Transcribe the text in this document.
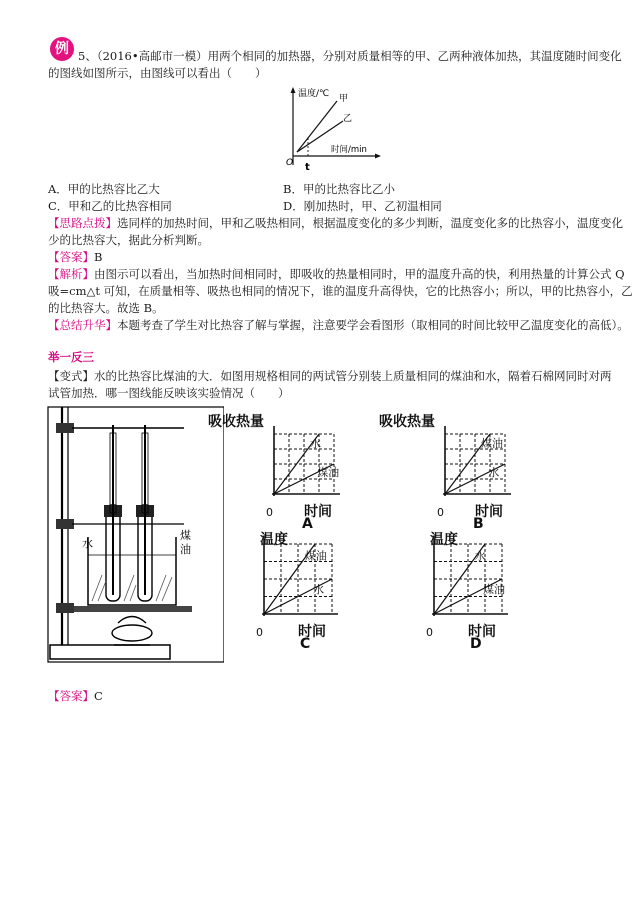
例 5、（2016•高邮市一模）用两个相同的加热器，分别对质量相等的甲、乙两种液体加热，其温度随时间变化
的图线如图所示，由图线可以看出（　　）
温度/℃ 甲
乙
时间/min
O t
A．甲的比热容比乙大	B．甲的比热容比乙小
C．甲和乙的比热容相同	D．刚加热时，甲、乙初温相同
【思路点拨】选同样的加热时间，甲和乙吸热相同，根据温度变化的多少判断，温度变化多的比热容小，温度变化
少的比热容大，据此分析判断。
【答案】B
【解析】由图示可以看出，当加热时间相同时，即吸收的热量相同时，甲的温度升高的快，利用热量的计算公式 Q
吸=cm△t 可知，在质量相等、吸热也相同的情况下，谁的温度升高得快，它的比热容小；所以，甲的比热容小，乙
的比热容大。故选 B。
【总结升华】本题考查了学生对比热容了解与掌握，注意要学会看图形（取相同的时间比较甲乙温度变化的高低）。
举一反三
【变式】水的比热容比煤油的大．如图用规格相同的两试管分别装上质量相同的煤油和水，隔着石棉网同时对两
试管加热．哪一图线能反映该实验情况（　　）
水
煤
油
吸收热量
水
煤油
0 时间
A
吸收热量
煤油
水
0 时间
B
温度
煤油
水
0	时间
C
温度
水
煤油
0	时间
D
【答案】C
